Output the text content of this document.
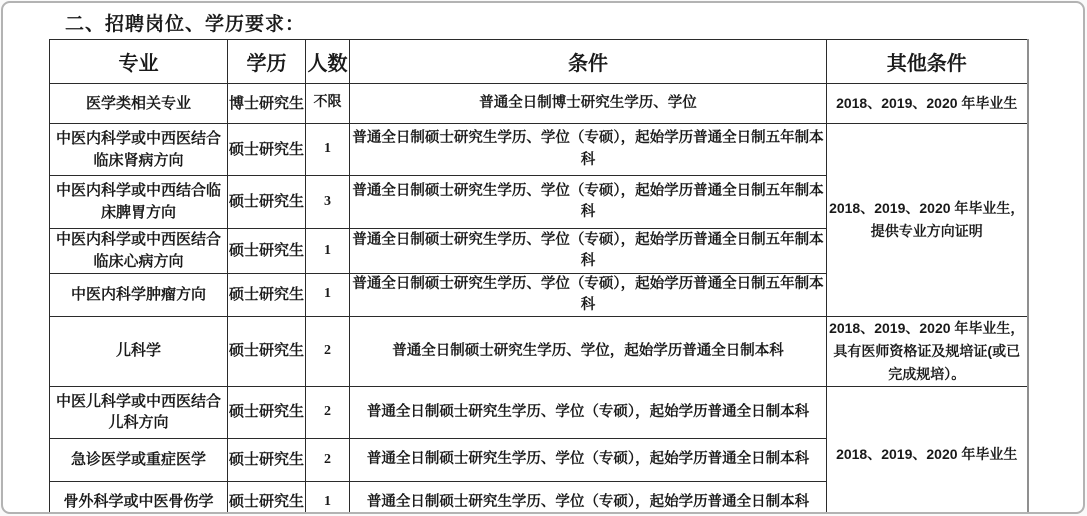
二、招聘岗位、学历要求：
专业	学历	人数	条件	其他条件
医学类相关专业	博士研究生	不限	普通全日制博士研究生学历、学位	2018、2019、2020 年毕业生
中医内科学或中西医结合临床肾病方向	硕士研究生	1	普通全日制硕士研究生学历、学位（专硕），起始学历普通全日制五年制本科	2018、2019、2020 年毕业生，提供专业方向证明
中医内科学或中西结合临床脾胃方向	硕士研究生	3	普通全日制硕士研究生学历、学位（专硕），起始学历普通全日制五年制本科	
中医内科学或中西医结合临床心病方向	硕士研究生	1	普通全日制硕士研究生学历、学位（专硕），起始学历普通全日制五年制本科	
中医内科学肿瘤方向	硕士研究生	1	普通全日制硕士研究生学历、学位（专硕），起始学历普通全日制五年制本科	
儿科学	硕士研究生	2	普通全日制硕士研究生学历、学位，起始学历普通全日制本科	2018、2019、2020 年毕业生， 具有医师资格证及规培证(或已完成规培）。
中医儿科学或中西医结合儿科方向	硕士研究生	2	普通全日制硕士研究生学历、学位（专硕），起始学历普通全日制本科	2018、2019、2020 年毕业生
急诊医学或重症医学	硕士研究生	2	普通全日制硕士研究生学历、学位（专硕），起始学历普通全日制本科	
骨外科学或中医骨伤学	硕士研究生	1	普通全日制硕士研究生学历、学位（专硕），起始学历普通全日制本科	
